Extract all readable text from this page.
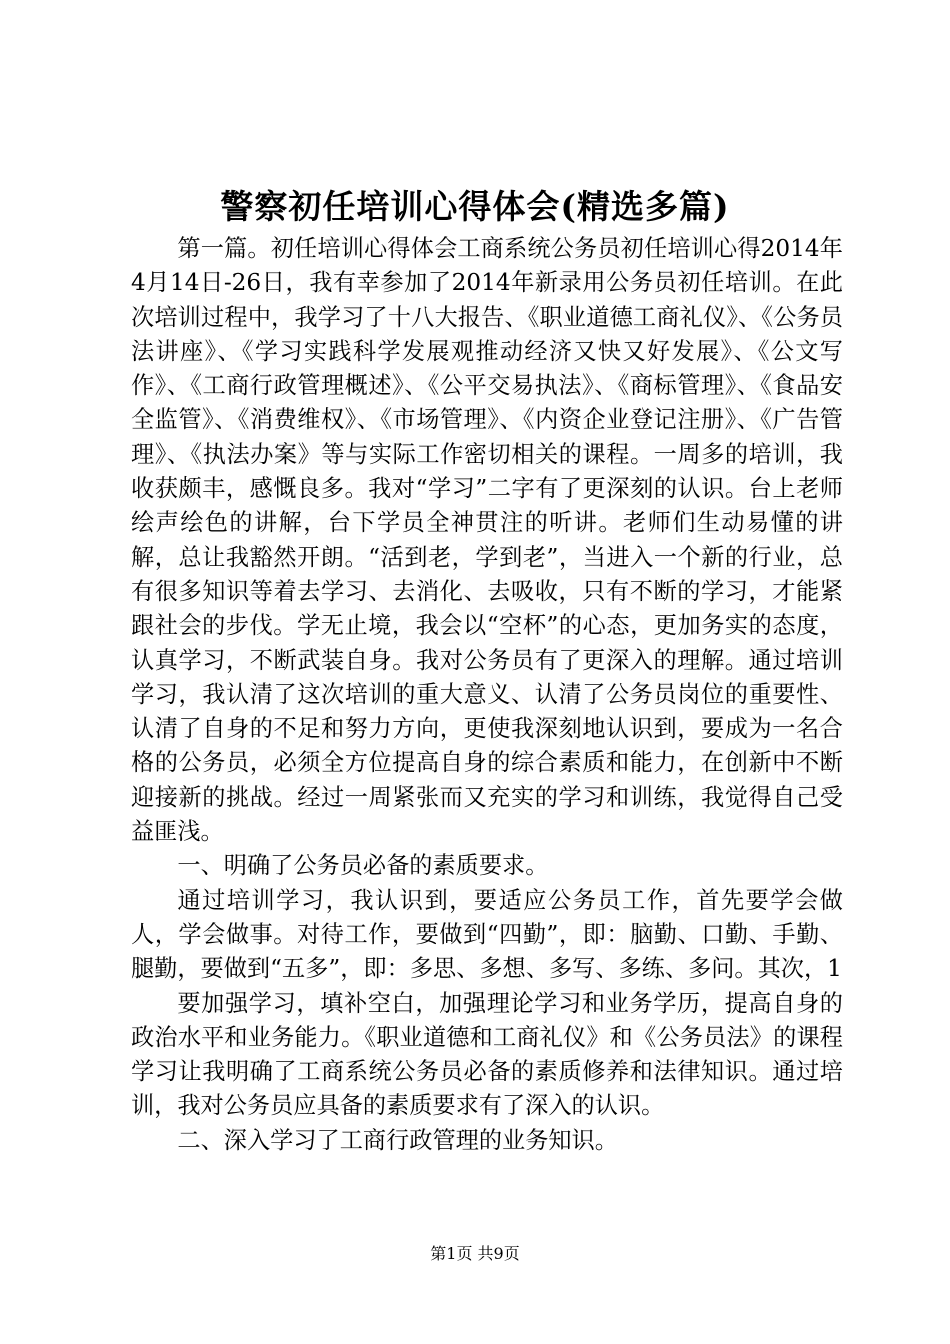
警察初任培训心得体会(精选多篇)

第一篇。初任培训心得体会工商系统公务员初任培训心得2014年4月14日-26日，我有幸参加了2014年新录用公务员初任培训。在此次培训过程中，我学习了十八大报告、《职业道德工商礼仪》、《公务员法讲座》、《学习实践科学发展观推动经济又快又好发展》、《公文写作》、《工商行政管理概述》、《公平交易执法》、《商标管理》、《食品安全监管》、《消费维权》、《市场管理》、《内资企业登记注册》、《广告管理》、《执法办案》等与实际工作密切相关的课程。一周多的培训，我收获颇丰，感慨良多。我对“学习”二字有了更深刻的认识。台上老师绘声绘色的讲解，台下学员全神贯注的听讲。老师们生动易懂的讲解，总让我豁然开朗。“活到老，学到老”，当进入一个新的行业，总有很多知识等着去学习、去消化、去吸收，只有不断的学习，才能紧跟社会的步伐。学无止境，我会以“空杯”的心态，更加务实的态度，认真学习，不断武装自身。我对公务员有了更深入的理解。通过培训学习，我认清了这次培训的重大意义、认清了公务员岗位的重要性、认清了自身的不足和努力方向，更使我深刻地认识到，要成为一名合格的公务员，必须全方位提高自身的综合素质和能力，在创新中不断迎接新的挑战。经过一周紧张而又充实的学习和训练，我觉得自己受益匪浅。

一、明确了公务员必备的素质要求。

通过培训学习，我认识到，要适应公务员工作，首先要学会做人，学会做事。对待工作，要做到“四勤”，即：脑勤、口勤、手勤、腿勤，要做到“五多”，即：多思、多想、多写、多练、多问。其次，1

要加强学习，填补空白，加强理论学习和业务学历，提高自身的政治水平和业务能力。《职业道德和工商礼仪》和《公务员法》的课程学习让我明确了工商系统公务员必备的素质修养和法律知识。通过培训，我对公务员应具备的素质要求有了深入的认识。

二、深入学习了工商行政管理的业务知识。

第1页 共9页
